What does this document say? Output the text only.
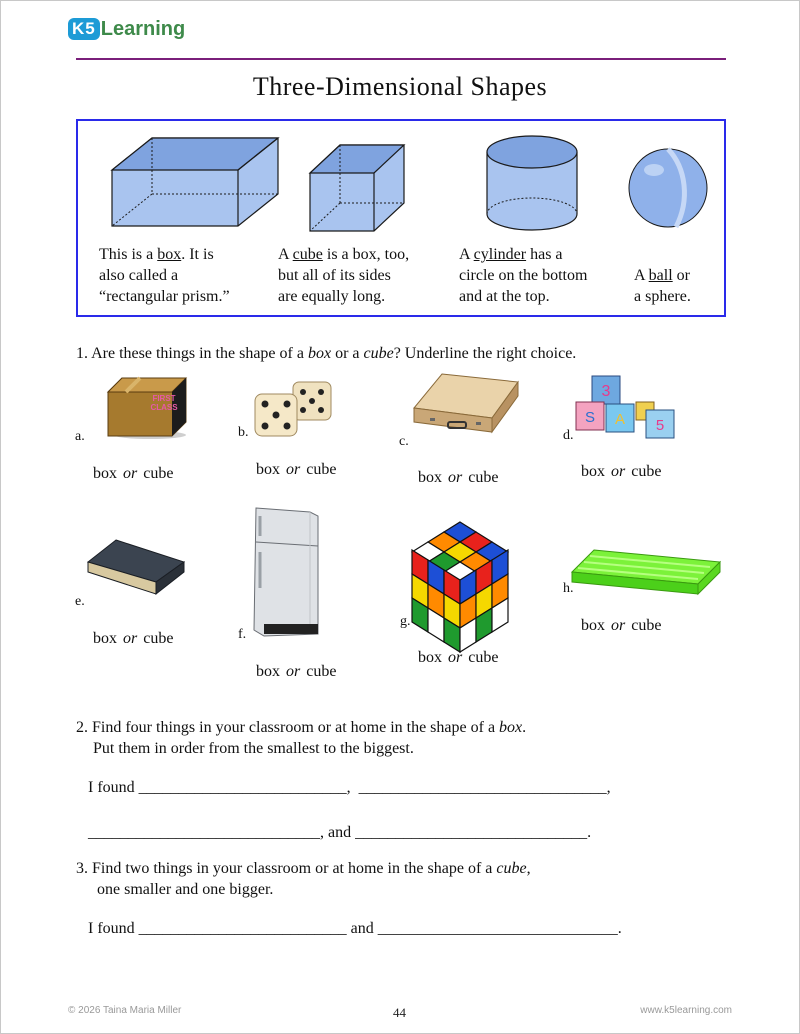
K5 Learning
Three-Dimensional Shapes
This is a box. It is
also called a
“rectangular prism.”
A cube is a box, too,
but all of its sides
are equally long.
A cylinder has a
circle on the bottom
and at the top.
A ball or
a sphere.
1. Are these things in the shape of a box or a cube? Underline the right choice.
FIRST CLASS
a.
box or cube
b.
box or cube
c.
box or cube
3
S A 5
d.
box or cube
e.
box or cube	f.
box or cube
g.
box or cube
h.
box or cube
2. Find four things in your classroom or at home in the shape of a box.
Put them in order from the smallest to the biggest.
I found __________________________, _______________________________,
_____________________________, and _____________________________.
3. Find two things in your classroom or at home in the shape of a cube,
one smaller and one bigger.
I found __________________________ and ______________________________.
© 2026 Taina Maria Miller	44	www.k5learning.com
